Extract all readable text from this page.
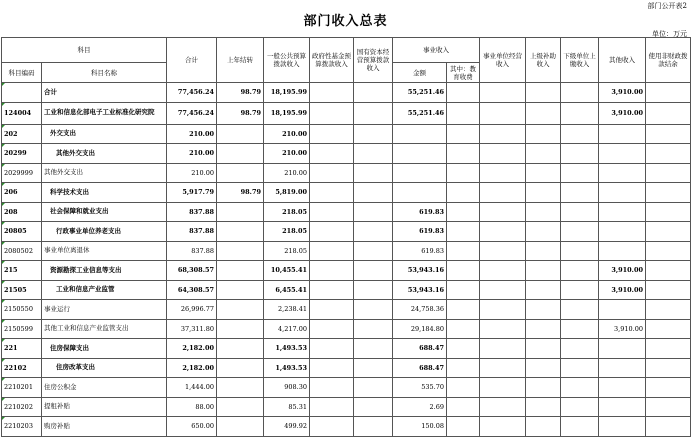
部门公开表2
部门收入总表
单位：万元
科目		合计	上年结转	一般公共预算拨款收入	政府性基金预算拨款收入	国有资本经营预算拨款收入	事业收入		事业单位经营收入	上级补助收入	下级单位上缴收入	其他收入	使用非财政拨款结余
科目编码	科目名称						金额	其中：教育收费					
	合计	77,456.24	98.79	18,195.99			55,251.46					3,910.00	
124004	工业和信息化部电子工业标准化研究院	77,456.24	98.79	18,195.99			55,251.46					3,910.00	
202	外交支出	210.00		210.00									
20299	其他外交支出	210.00		210.00									
2029999	其他外交支出	210.00		210.00									
206	科学技术支出	5,917.79	98.79	5,819.00									
208	社会保障和就业支出	837.88		218.05			619.83						
20805	行政事业单位养老支出	837.88		218.05			619.83						
2080502	事业单位离退休	837.88		218.05			619.83						
215	资源勘探工业信息等支出	68,308.57		10,455.41			53,943.16					3,910.00	
21505	工业和信息产业监管	64,308.57		6,455.41			53,943.16					3,910.00	
2150550	事业运行	26,996.77		2,238.41			24,758.36						
2150599	其他工业和信息产业监管支出	37,311.80		4,217.00			29,184.80					3,910.00	
221	住房保障支出	2,182.00		1,493.53			688.47						
22102	住房改革支出	2,182.00		1,493.53			688.47						
2210201	住房公积金	1,444.00		908.30			535.70						
2210202	提租补贴	88.00		85.31			2.69						
2210203	购房补贴	650.00		499.92			150.08						
